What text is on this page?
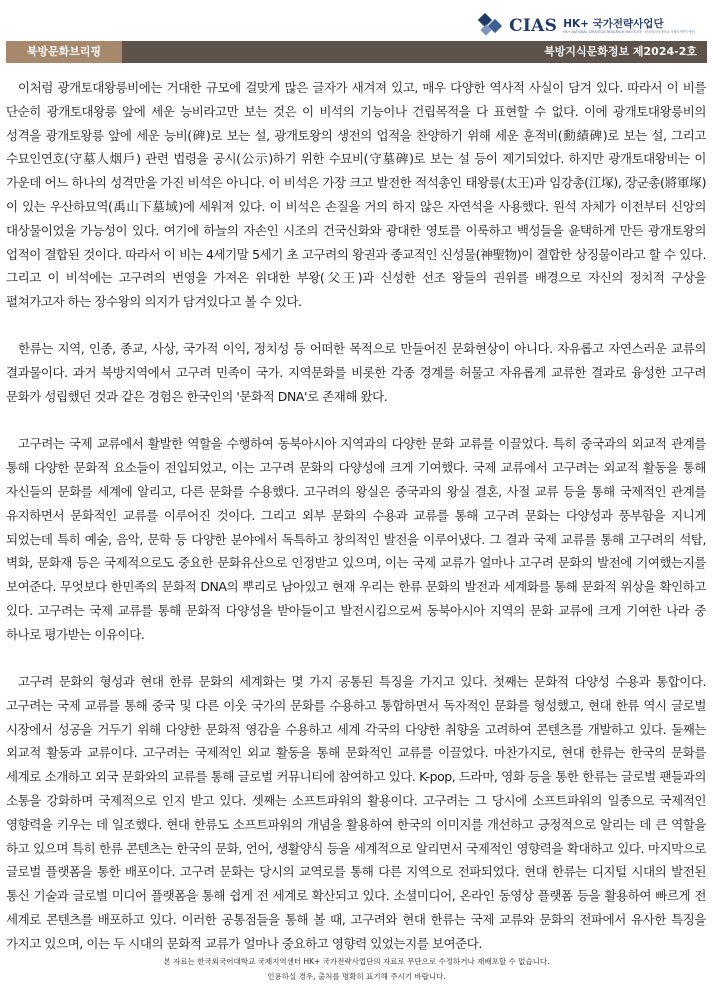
CIAS HK+ 국가전략사업단
HK+ NATIONAL STRATEGIC RESEARCH INSTITUTE · 한국외국어대학교 국제지역연구센터
북방문화브리핑	북방지식문화정보 제2024-2호

이처럼 광개토대왕릉비에는 거대한 규모에 걸맞게 많은 글자가 새겨져 있고, 매우 다양한 역사적 사실이 담겨 있다. 따라서 이 비를 단순히 광개토대왕릉 앞에 세운 능비라고만 보는 것은 이 비석의 기능이나 건립목적을 다 표현할 수 없다. 이에 광개토대왕릉비의 성격을 광개토왕릉 앞에 세운 능비(碑)로 보는 설, 광개토왕의 생전의 업적을 찬양하기 위해 세운 훈적비(勳績碑)로 보는 설, 그리고 수묘인연호(守墓人烟戶) 관련 법령을 공시(公示)하기 위한 수묘비(守墓碑)로 보는 설 등이 제기되었다. 하지만 광개토대왕비는 이 가운데 어느 하나의 성격만을 가진 비석은 아니다. 이 비석은 가장 크고 발전한 적석총인 태왕릉(太王)과 임강총(江塚), 장군총(將軍塚)이 있는 우산하묘역(禹山下墓域)에 세워져 있다. 이 비석은 손질을 거의 하지 않은 자연석을 사용했다. 원석 자체가 이전부터 신앙의 대상물이었을 가능성이 있다. 여기에 하늘의 자손인 시조의 건국신화와 광대한 영토를 이룩하고 백성들을 윤택하게 만든 광개토왕의 업적이 결합된 것이다. 따라서 이 비는 4세기말 5세기 초 고구려의 왕권과 종교적인 신성물(神聖物)이 결합한 상징물이라고 할 수 있다. 그리고 이 비석에는 고구려의 번영을 가져온 위대한 부왕(父王)과 신성한 선조 왕들의 권위를 배경으로 자신의 정치적 구상을 펼쳐가고자 하는 장수왕의 의지가 담겨있다고 볼 수 있다.

한류는 지역, 인종, 종교, 사상, 국가적 이익, 정치성 등 어떠한 목적으로 만들어진 문화현상이 아니다. 자유롭고 자연스러운 교류의 결과물이다. 과거 북방지역에서 고구려 민족이 국가. 지역문화를 비롯한 각종 경계를 허물고 자유롭게 교류한 결과로 융성한 고구려 문화가 성립했던 것과 같은 경험은 한국인의 '문화적 DNA'로 존재해 왔다.

고구려는 국제 교류에서 활발한 역할을 수행하여 동북아시아 지역과의 다양한 문화 교류를 이끌었다. 특히 중국과의 외교적 관계를 통해 다양한 문화적 요소들이 전입되었고, 이는 고구려 문화의 다양성에 크게 기여했다. 국제 교류에서 고구려는 외교적 활동을 통해 자신들의 문화를 세계에 알리고, 다른 문화를 수용했다. 고구려의 왕실은 중국과의 왕실 결혼, 사절 교류 등을 통해 국제적인 관계를 유지하면서 문화적인 교류를 이루어진 것이다. 그리고 외부 문화의 수용과 교류를 통해 고구려 문화는 다양성과 풍부함을 지니게 되었는데 특히 예술, 음악, 문학 등 다양한 분야에서 독특하고 창의적인 발전을 이루어냈다. 그 결과 국제 교류를 통해 고구려의 석탑, 벽화, 문화재 등은 국제적으로도 중요한 문화유산으로 인정받고 있으며, 이는 국제 교류가 얼마나 고구려 문화의 발전에 기여했는지를 보여준다. 무엇보다 한민족의 문화적 DNA의 뿌리로 남아있고 현재 우리는 한류 문화의 발전과 세계화를 통해 문화적 위상을 확인하고 있다. 고구려는 국제 교류를 통해 문화적 다양성을 받아들이고 발전시킴으로써 동북아시아 지역의 문화 교류에 크게 기여한 나라 중 하나로 평가받는 이유이다.

고구려 문화의 형성과 현대 한류 문화의 세계화는 몇 가지 공통된 특징을 가지고 있다. 첫째는 문화적 다양성 수용과 통합이다. 고구려는 국제 교류를 통해 중국 및 다른 이웃 국가의 문화를 수용하고 통합하면서 독자적인 문화를 형성했고, 현대 한류 역시 글로벌 시장에서 성공을 거두기 위해 다양한 문화적 영감을 수용하고 세계 각국의 다양한 취향을 고려하여 콘텐츠를 개발하고 있다. 둘째는 외교적 활동과 교류이다. 고구려는 국제적인 외교 활동을 통해 문화적인 교류를 이끌었다. 마찬가지로, 현대 한류는 한국의 문화를 세계로 소개하고 외국 문화와의 교류를 통해 글로벌 커뮤니티에 참여하고 있다. K-pop, 드라마, 영화 등을 통한 한류는 글로벌 팬들과의 소통을 강화하며 국제적으로 인지 받고 있다. 셋째는 소프트파워의 활용이다. 고구려는 그 당시에 소프트파워의 일종으로 국제적인 영향력을 키우는 데 일조했다. 현대 한류도 소프트파워의 개념을 활용하여 한국의 이미지를 개선하고 긍정적으로 알리는 데 큰 역할을 하고 있으며 특히 한류 콘텐츠는 한국의 문화, 언어, 생활양식 등을 세계적으로 알리면서 국제적인 영향력을 확대하고 있다. 마지막으로 글로벌 플랫폼을 통한 배포이다. 고구려 문화는 당시의 교역로를 통해 다른 지역으로 전파되었다. 현대 한류는 디지털 시대의 발전된 통신 기술과 글로벌 미디어 플랫폼을 통해 쉽게 전 세계로 확산되고 있다. 소셜미디어, 온라인 동영상 플랫폼 등을 활용하여 빠르게 전 세계로 콘텐츠를 배포하고 있다. 이러한 공통점들을 통해 볼 때, 고구려와 현대 한류는 국제 교류와 문화의 전파에서 유사한 특징을 가지고 있으며, 이는 두 시대의 문화적 교류가 얼마나 중요하고 영향력 있었는지를 보여준다.

본 자료는 한국외국어대학교 국제지역센터 HK+ 국가전략사업단의 자료로 무단으로 수정하거나 재배포할 수 없습니다.
인용하실 경우, 출처를 명확히 표기해 주시기 바랍니다.
